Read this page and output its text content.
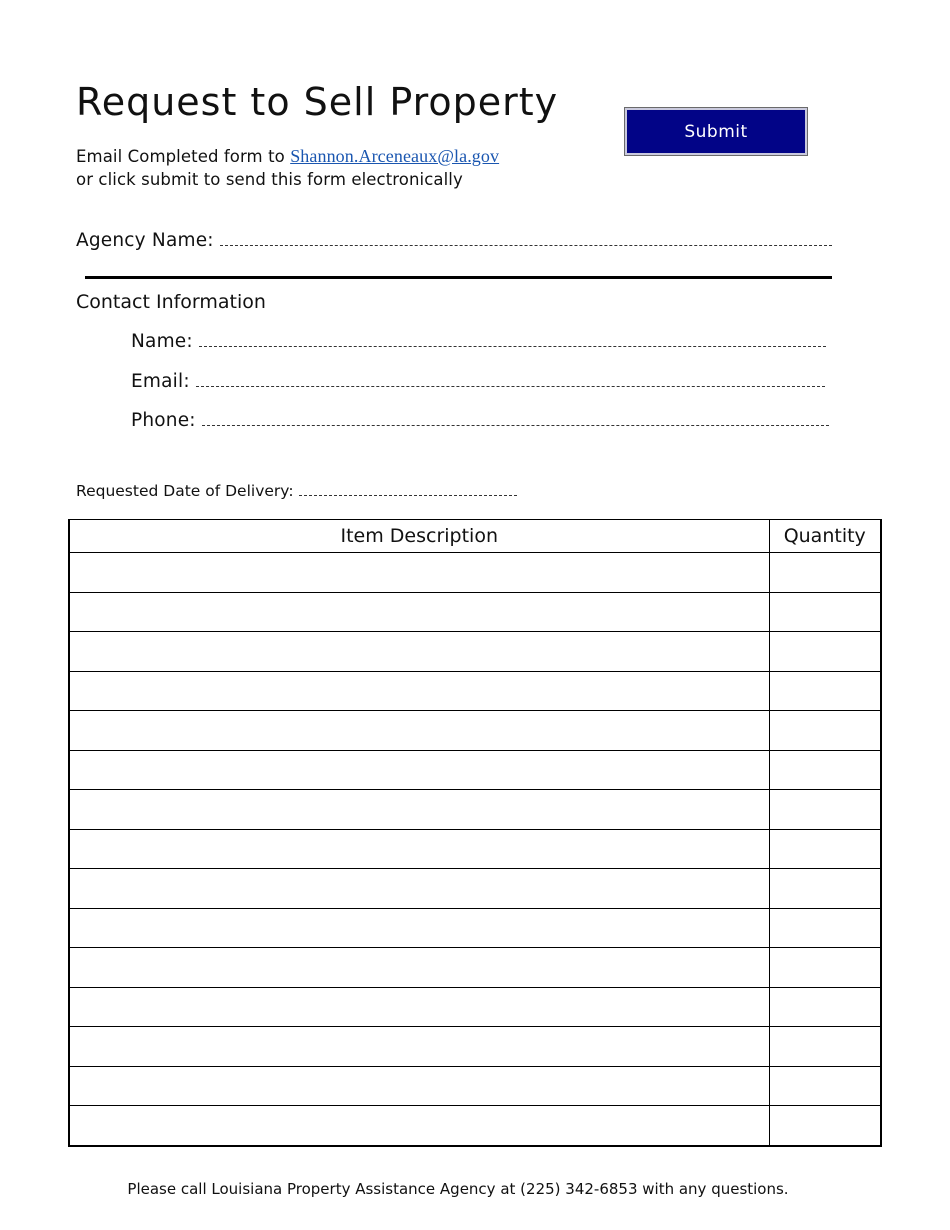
Request to Sell Property
Submit
Email Completed form to Shannon.Arceneaux@la.gov
or click submit to send this form electronically
Agency Name:
Contact Information
Name:
Email:
Phone:
Requested Date of Delivery:
Item Description	Quantity

Please call Louisiana Property Assistance Agency at (225) 342-6853 with any questions.
